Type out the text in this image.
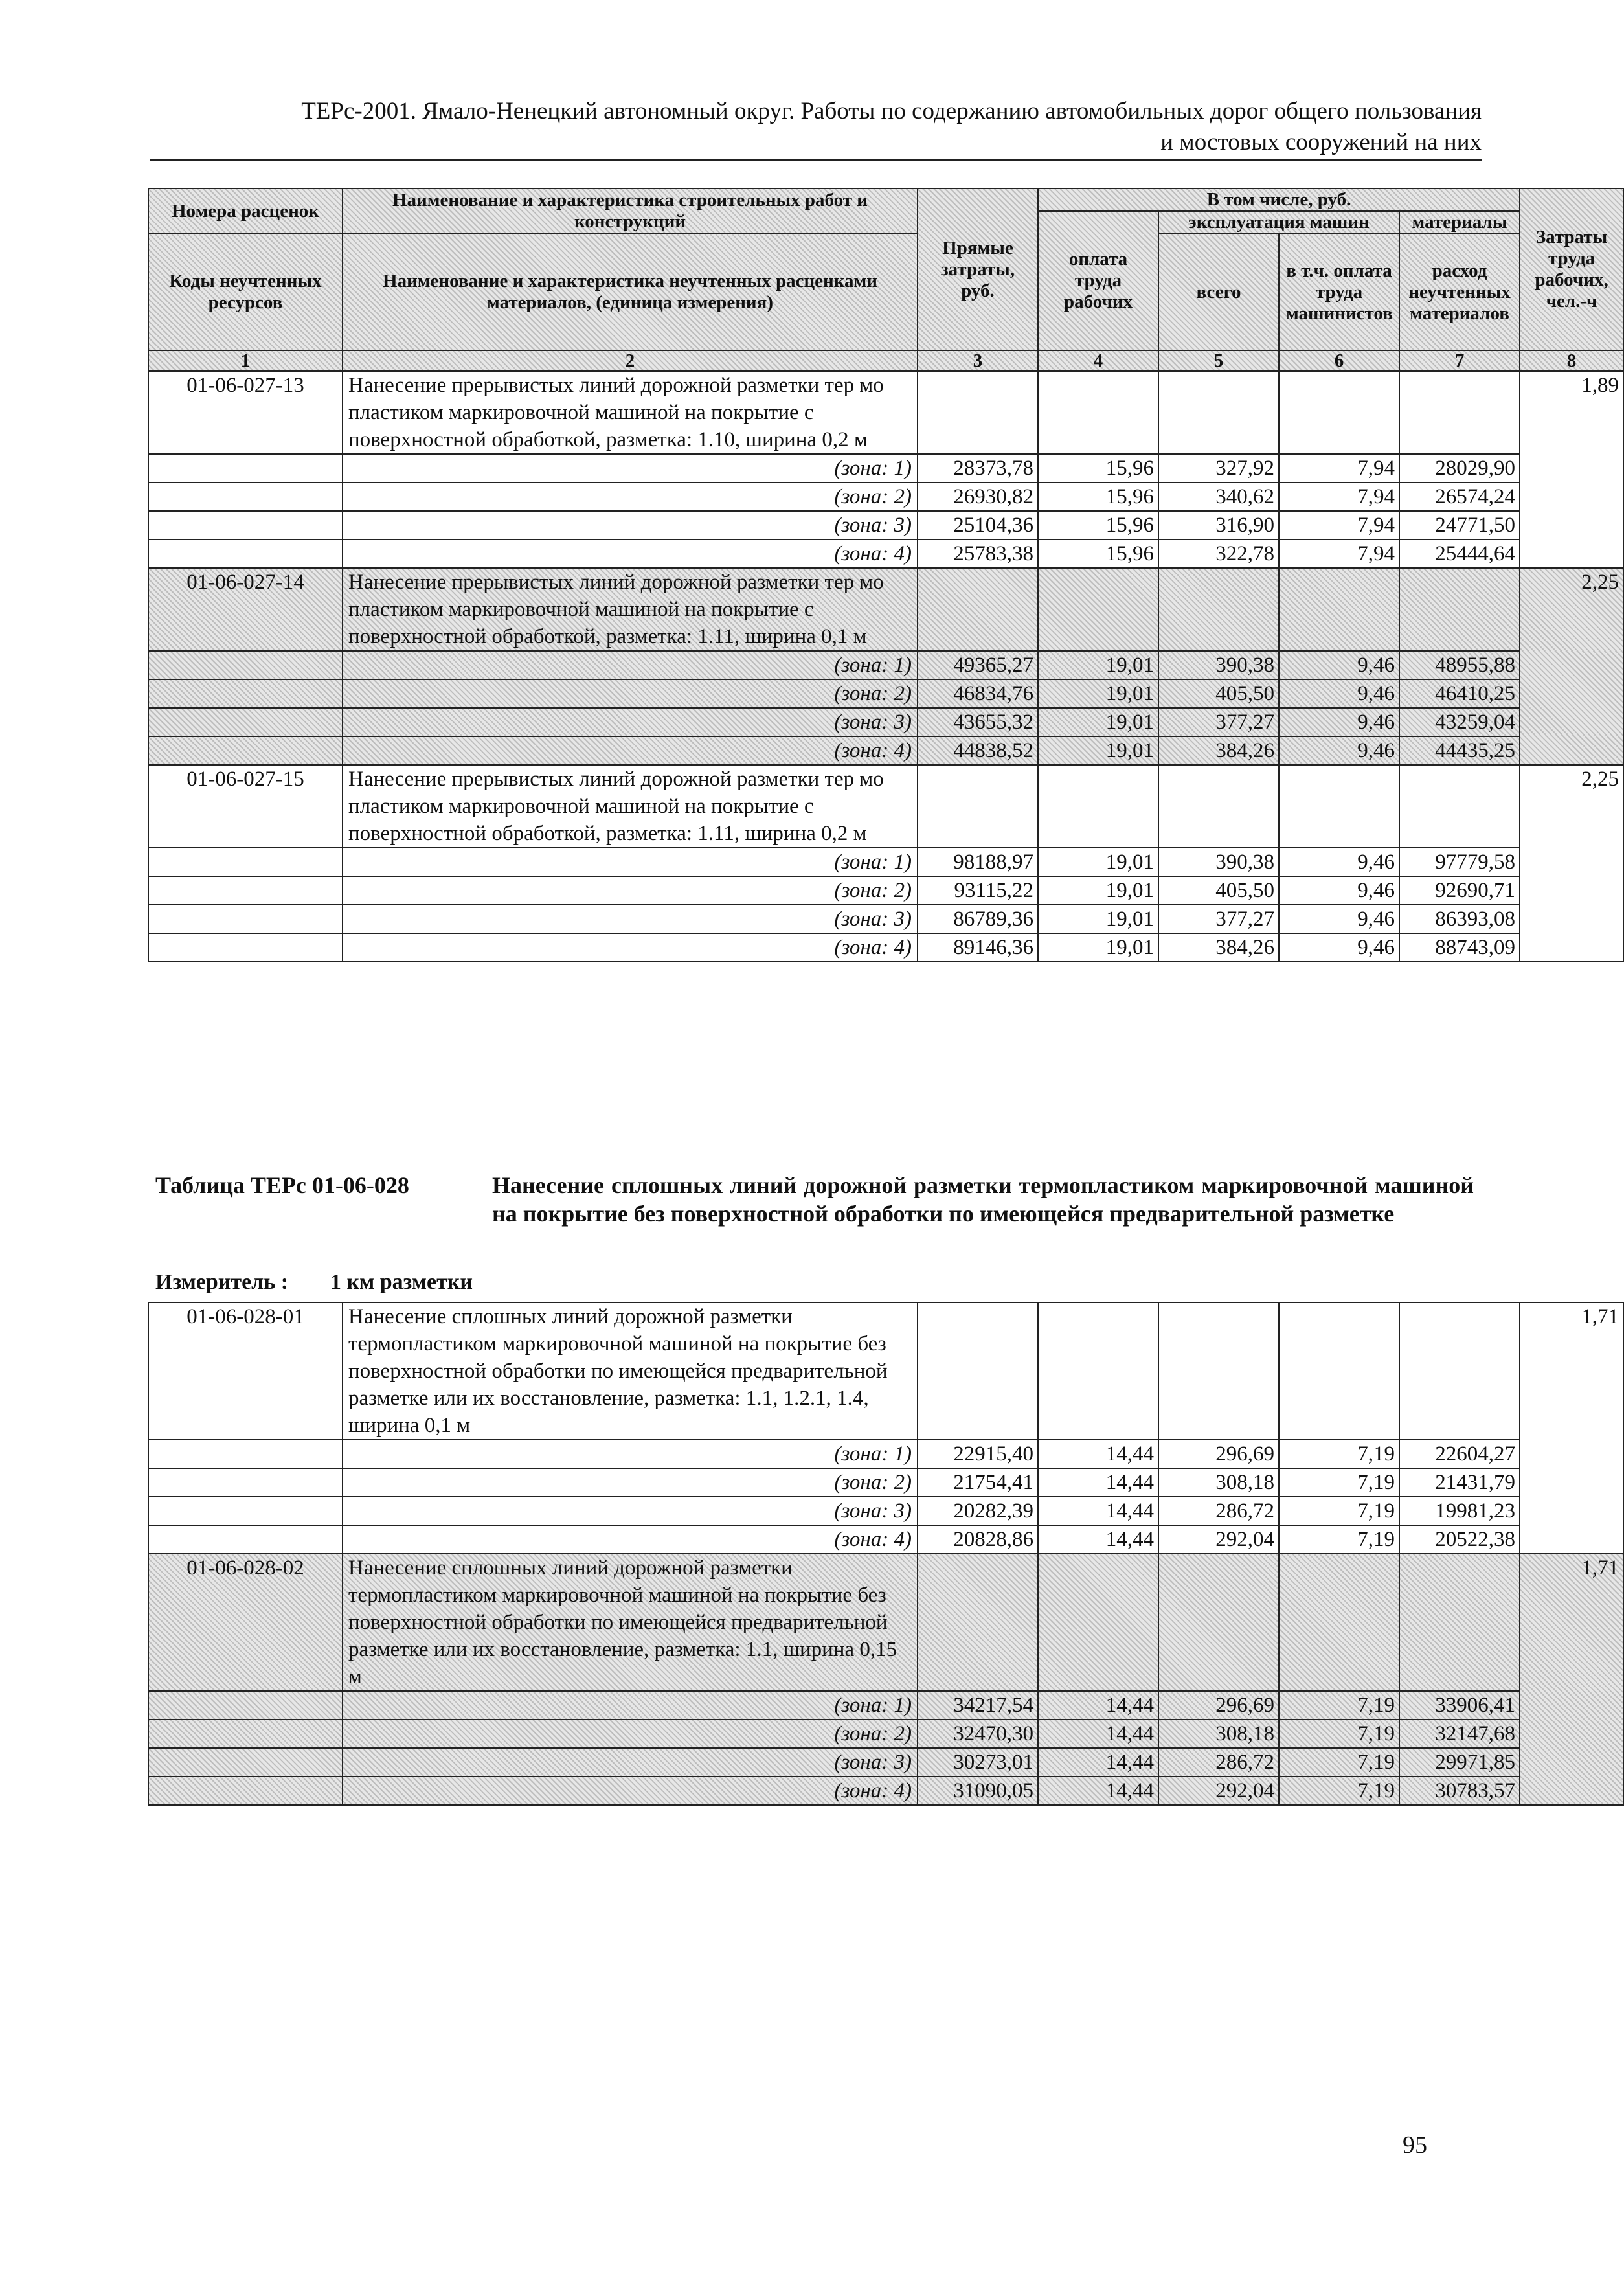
ТЕРс-2001. Ямало-Ненецкий автономный округ. Работы по содержанию автомобильных дорог общего пользования
и мостовых сооружений на них
Номера расценок	Наименование и характеристика строительных работ и конструкций	Прямые затраты, руб.	В том числе, руб.				Затраты труда рабочих, чел.-ч
			оплата труда рабочих	эксплуатация машин		материалы	
Коды неучтенных ресурсов	Наименование и характеристика неучтенных расценками материалов, (единица измерения)			всего	в т.ч. оплата труда машинистов	расход неучтенных материалов	

1	2	3	4	5	6	7	8
01-06-027-13	Нанесение прерывистых линий дорожной разметки тер мо пластиком маркировочной машиной на покрытие с поверхностной обработкой, разметка: 1.10, ширина 0,2 м						1,89
	(зона: 1)	28373,78	15,96	327,92	7,94	28029,90	
	(зона: 2)	26930,82	15,96	340,62	7,94	26574,24	
	(зона: 3)	25104,36	15,96	316,90	7,94	24771,50	
	(зона: 4)	25783,38	15,96	322,78	7,94	25444,64	
01-06-027-14	Нанесение прерывистых линий дорожной разметки тер мо пластиком маркировочной машиной на покрытие с поверхностной обработкой, разметка: 1.11, ширина 0,1 м						2,25
	(зона: 1)	49365,27	19,01	390,38	9,46	48955,88	
	(зона: 2)	46834,76	19,01	405,50	9,46	46410,25	
	(зона: 3)	43655,32	19,01	377,27	9,46	43259,04	
	(зона: 4)	44838,52	19,01	384,26	9,46	44435,25	
01-06-027-15	Нанесение прерывистых линий дорожной разметки тер мо пластиком маркировочной машиной на покрытие с поверхностной обработкой, разметка: 1.11, ширина 0,2 м						2,25
	(зона: 1)	98188,97	19,01	390,38	9,46	97779,58	
	(зона: 2)	93115,22	19,01	405,50	9,46	92690,71	
	(зона: 3)	86789,36	19,01	377,27	9,46	86393,08	
	(зона: 4)	89146,36	19,01	384,26	9,46	88743,09	
Таблица ТЕРс 01-06-028	Нанесение сплошных линий дорожной разметки термопластиком маркировочной машиной на покрытие без поверхностной обработки по имеющейся предварительной разметке
Измеритель : 1 км разметки
01-06-028-01	Нанесение сплошных линий дорожной разметки термопластиком маркировочной машиной на покрытие без поверхностной обработки по имеющейся предварительной разметке или их восстановление, разметка: 1.1, 1.2.1, 1.4, ширина 0,1 м						1,71
	(зона: 1)	22915,40	14,44	296,69	7,19	22604,27	
	(зона: 2)	21754,41	14,44	308,18	7,19	21431,79	
	(зона: 3)	20282,39	14,44	286,72	7,19	19981,23	
	(зона: 4)	20828,86	14,44	292,04	7,19	20522,38	
01-06-028-02	Нанесение сплошных линий дорожной разметки термопластиком маркировочной машиной на покрытие без поверхностной обработки по имеющейся предварительной разметке или их восстановление, разметка: 1.1, ширина 0,15 м						1,71
	(зона: 1)	34217,54	14,44	296,69	7,19	33906,41	
	(зона: 2)	32470,30	14,44	308,18	7,19	32147,68	
	(зона: 3)	30273,01	14,44	286,72	7,19	29971,85	
	(зона: 4)	31090,05	14,44	292,04	7,19	30783,57	
95
